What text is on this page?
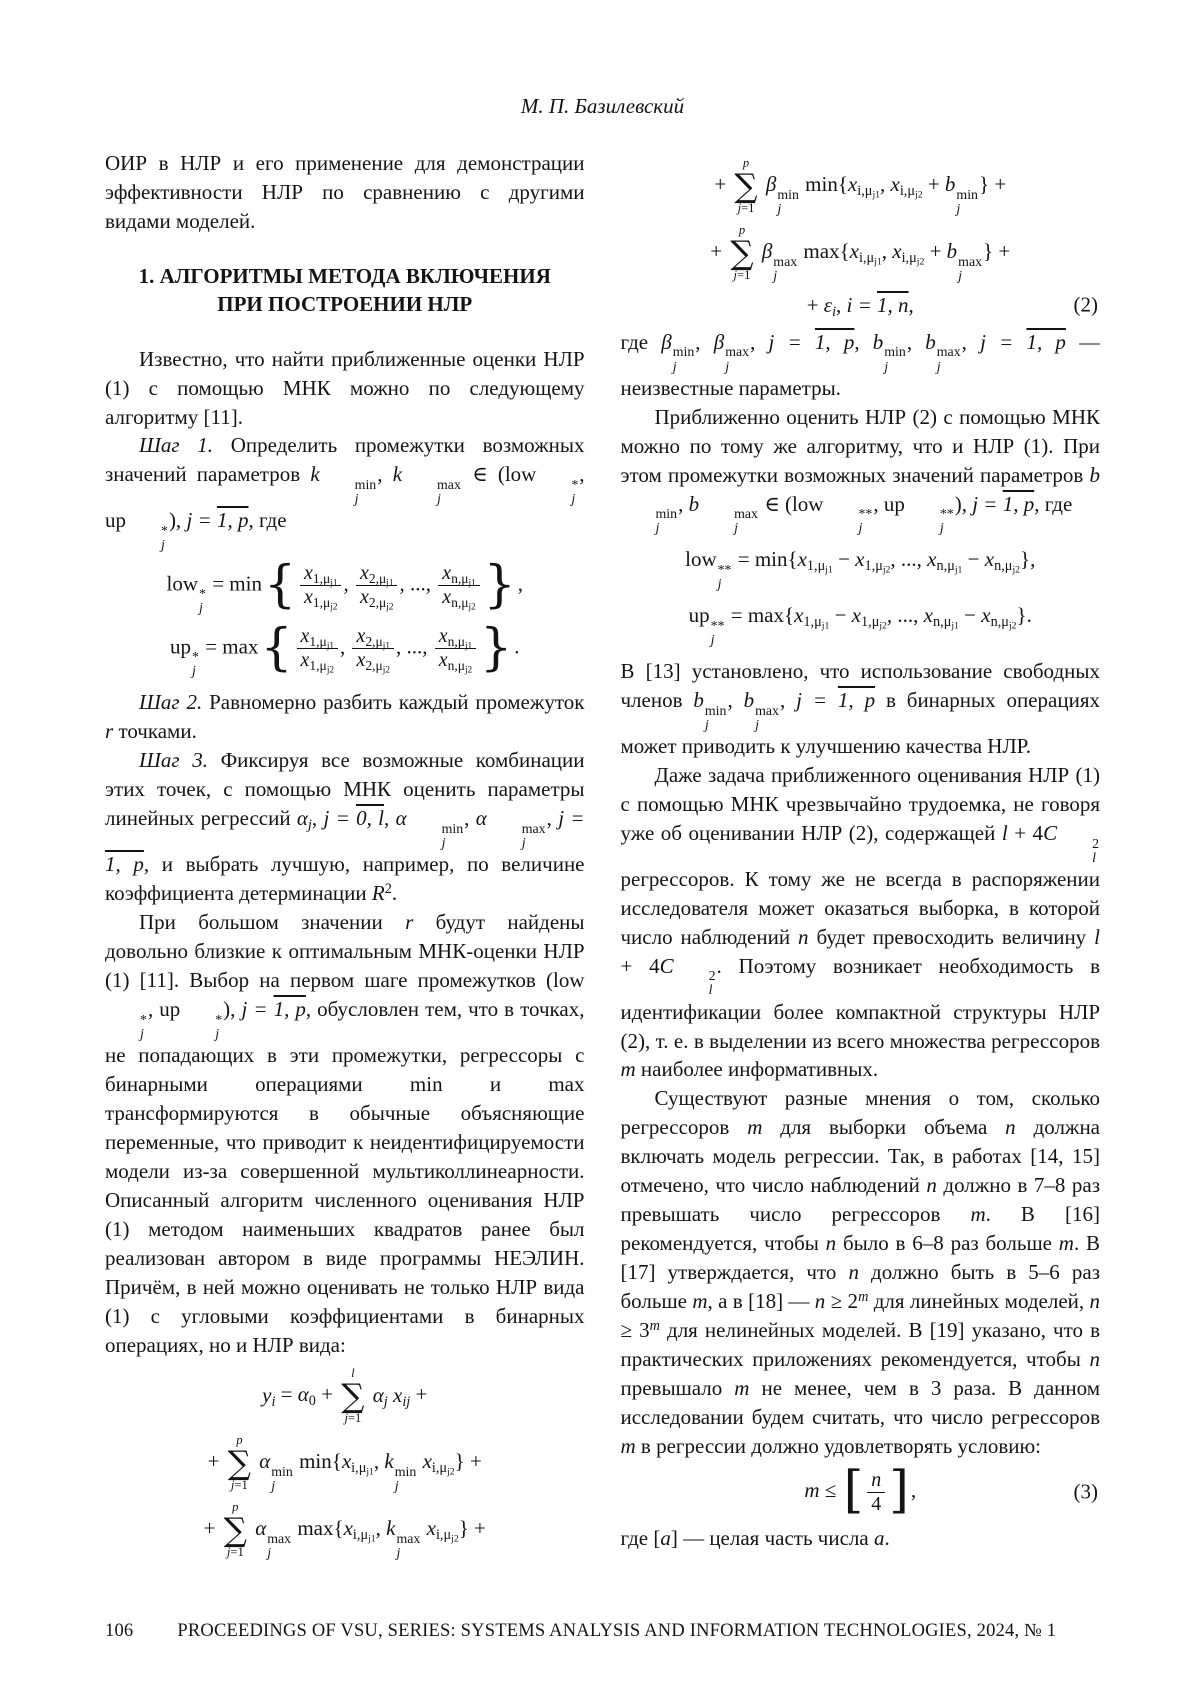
М. П. Базилевский

ОИР в НЛР и его применение для демонстрации эффективности НЛР по сравнению с другими видами моделей.

1. АЛГОРИТМЫ МЕТОДА ВКЛЮЧЕНИЯ ПРИ ПОСТРОЕНИИ НЛР

Известно, что найти приближенные оценки НЛР (1) с помощью МНК можно по следующему алгоритму [11].

Шаг 1. Определить промежутки возможных значений параметров k	min
j
, k	max
j
∈ (low	*
j
, up	*
j
), j = 1, p, где

low *
j
= $\min\{ \frac{x_{1,\mu_{j1}}}{x_{1,\mu_{j2}}}$ , $\frac{x_{2,\mu_{j1}}}{x_{2,\mu_{j2}}}$ , ..., $\frac{x_{n,\mu_{j1}}}{x_{n,\mu_{j2}}}$ },
up *
j
= $\max\{ \frac{x_{1,\mu_{j1}}}{x_{1,\mu_{j2}}}$ , $\frac{x_{2,\mu_{j1}}}{x_{2,\mu_{j2}}}$ , ..., $\frac{x_{n,\mu_{j1}}}{x_{n,\mu_{j2}}}$ }.

Шаг 2. Равномерно разбить каждый промежуток r точками.

Шаг 3. Фиксируя все возможные комбинации этих точек, с помощью МНК оценить параметры линейных регрессий $\alpha_j$, j = 0, l, α	min
j
, α	max
j
, j = 1, p, и выбрать лучшую, например, по величине коэффициента детерминации $R^2$.

При большом значении r будут найдены довольно близкие к оптимальным МНК-оценки НЛР (1) [11]. Выбор на первом шаге промежутков (low
*
j
, up	*
j
), j = 1, p, обусловлен тем, что в точках, не попадающих в эти промежутки, регрессоры с бинарными операциями min и max трансформируются в обычные объясняющие переменные, что приводит к неидентифицируемости модели из-за совершенной мультиколлинеарности. Описанный алгоритм численного оценивания НЛР (1) методом наименьших квадратов ранее был реализован автором в виде программы НЕЭЛИН. Причём, в ней можно оценивать не только НЛР вида (1) с угловыми коэффициентами в бинарных операциях, но и НЛР вида:

$y_i = \alpha_0$ +
l
∑
j=1
$\alpha_j$ $x_{ij}$ +
+
p
∑
j=1
α min
j
$\min\{x_{i,\mu_{j1}}$, k min
j
$x_{i,\mu_{j2}}$} +
+
p
∑
j=1
α max
j
$\max\{x_{i,\mu_{j1}}$, k max
j
$x_{i,\mu_{j2}}$} +
+
p
∑
j=1
β min
j
$\min\{x_{i,\mu_{j1}}$, $x_{i,\mu_{j2}} + b$ min
j
} +
+
p
∑
j=1
β max
j
$\max\{x_{i,\mu_{j1}}$, $x_{i,\mu_{j2}} + b$ max
j
} +
+ $\varepsilon_i$, i = 1, n,	(2)

где β min
j
, β max
j
, j = 1, p, b min
j
, b max
j
, j = 1, p — неизвестные параметры.

Приближенно оценить НЛР (2) с помощью МНК можно по тому же алгоритму, что и НЛР (1). При этом промежутки возможных значений параметров b
min
j
, b	max
j
∈ (low	**
j
, up	**
j
), j = 1, p, где

low **
j
= $\min\{x_{1,\mu_{j1}} - x_{1,\mu_{j2}}$, ..., $x_{n,\mu_{j1}} - x_{n,\mu_{j2}}$},
up **
j
= $\max\{x_{1,\mu_{j1}} - x_{1,\mu_{j2}}$, ..., $x_{n,\mu_{j1}} - x_{n,\mu_{j2}}$}.

В [13] установлено, что использование свободных членов b min
j
, b max
j
, j = 1, p в бинарных операциях может приводить к улучшению качества НЛР.

Даже задача приближенного оценивания НЛР (1) с помощью МНК чрезвычайно трудоемка, не говоря уже об оценивании НЛР (2), содержащей l + 4C	2
l
регрессоров. К тому же не всегда в распоряжении исследователя может оказаться выборка, в которой число наблюдений n будет превосходить величину l + 4C	2
l
. Поэтому возникает необходимость в идентификации более компактной структуры НЛР (2), т. е. в выделении из всего множества регрессоров m наиболее информативных.

Существуют разные мнения о том, сколько регрессоров m для выборки объема n должна включать модель регрессии. Так, в работах [14, 15] отмечено, что число наблюдений n должно в 7–8 раз превышать число регрессоров m. В [16] рекомендуется, чтобы n было в 6–8 раз больше m. В [17] утверждается, что n должно быть в 5–6 раз больше m, а в [18] — $n \ge 2^m$ для линейных моделей, $n \ge 3^m$ для нелинейных моделей. В [19] указано, что в практических приложениях рекомендуется, чтобы n превышало m не менее, чем в 3 раза. В данном исследовании будем считать, что число регрессоров m в регрессии должно удовлетворять условию:

m ≤ [ $\frac{n}{4}$ ],	(3)

где [a] — целая часть числа a.

106 PROCEEDINGS OF VSU, SERIES: SYSTEMS ANALYSIS AND INFORMATION TECHNOLOGIES, 2024, № 1
